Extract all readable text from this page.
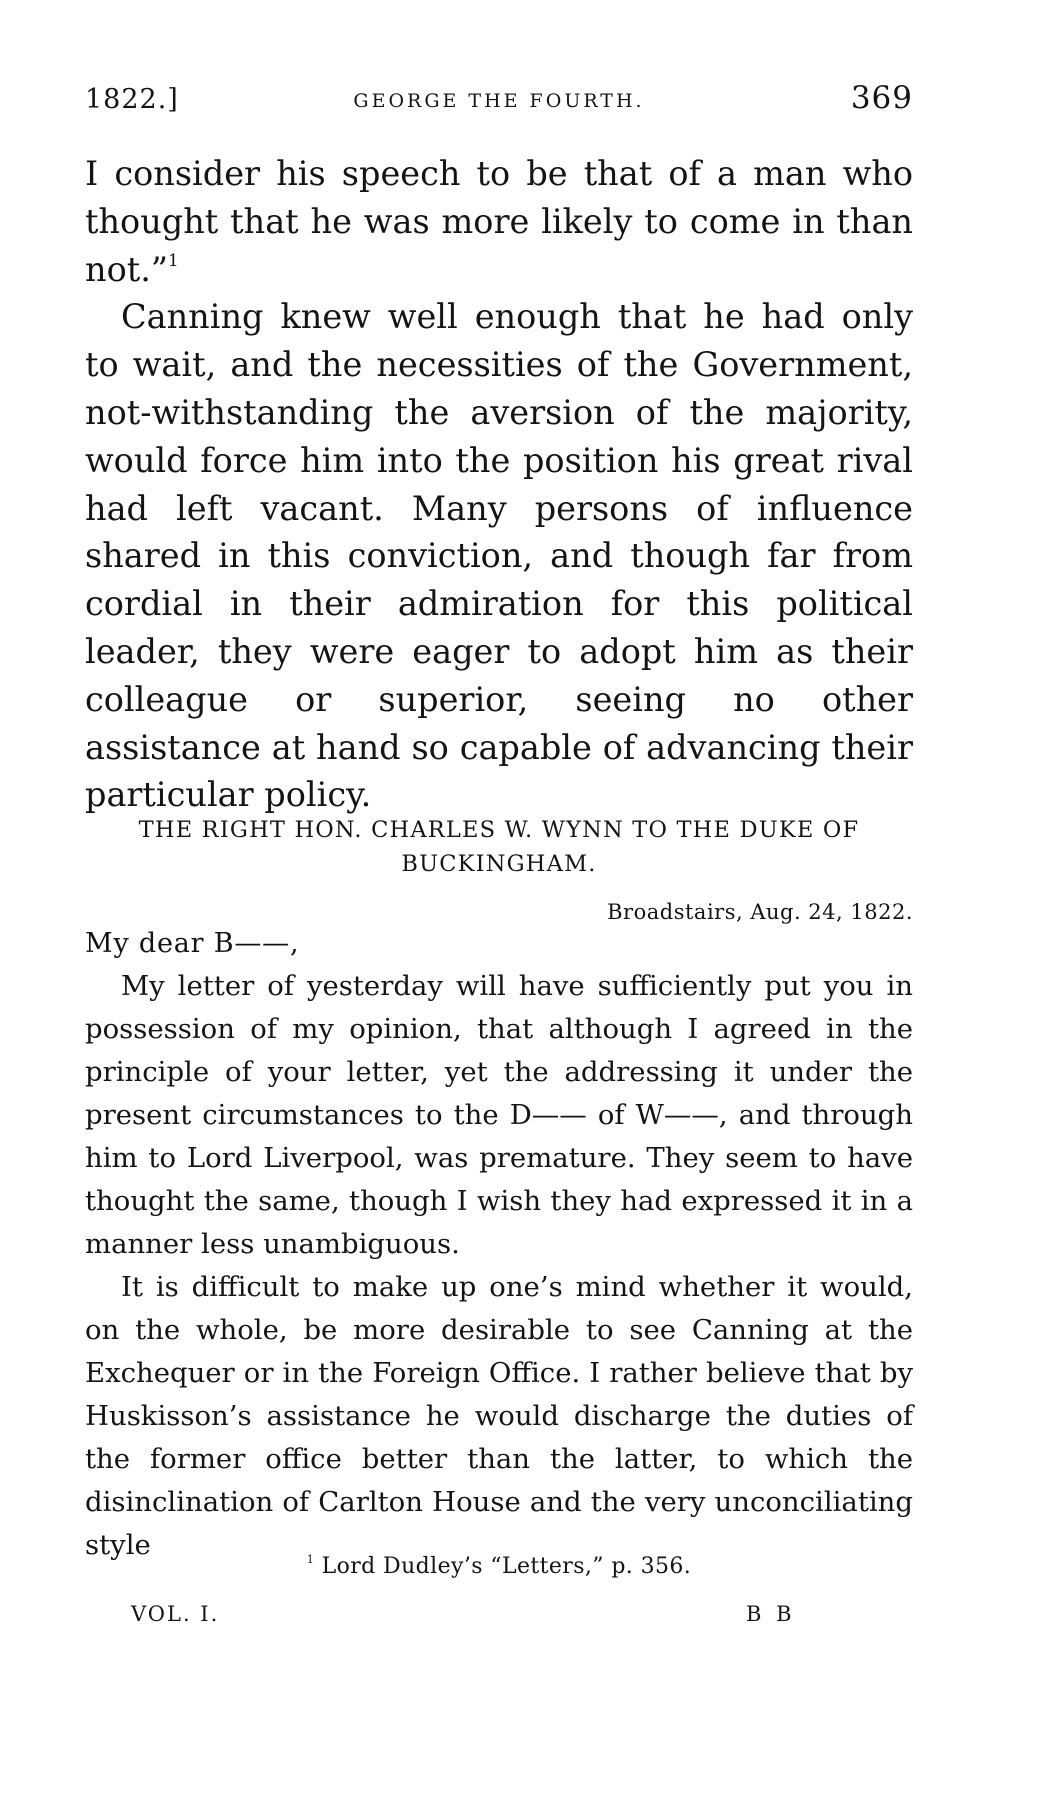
1822.]	GEORGE THE FOURTH.	369

I consider his speech to be that of a man who thought that he was more likely to come in than not.”$^1$

Canning knew well enough that he had only to wait, and the necessities of the Government, not-withstanding the aversion of the majority, would force him into the position his great rival had left vacant. Many persons of influence shared in this conviction, and though far from cordial in their admiration for this political leader, they were eager to adopt him as their colleague or superior, seeing no other assistance at hand so capable of advancing their particular policy.

THE RIGHT HON. CHARLES W. WYNN TO THE DUKE OF BUCKINGHAM.
Broadstairs, Aug. 24, 1822.
My dear B——,

My letter of yesterday will have sufficiently put you in possession of my opinion, that although I agreed in the principle of your letter, yet the addressing it under the present circumstances to the D—— of W——, and through him to Lord Liverpool, was premature. They seem to have thought the same, though I wish they had expressed it in a manner less unambiguous.

It is difficult to make up one’s mind whether it would, on the whole, be more desirable to see Canning at the Exchequer or in the Foreign Office. I rather believe that by Huskisson’s assistance he would discharge the duties of the former office better than the latter, to which the disinclination of Carlton House and the very unconciliating style	$^1$ Lord Dudley’s “Letters,” p. 356.
VOL. I.	B B
